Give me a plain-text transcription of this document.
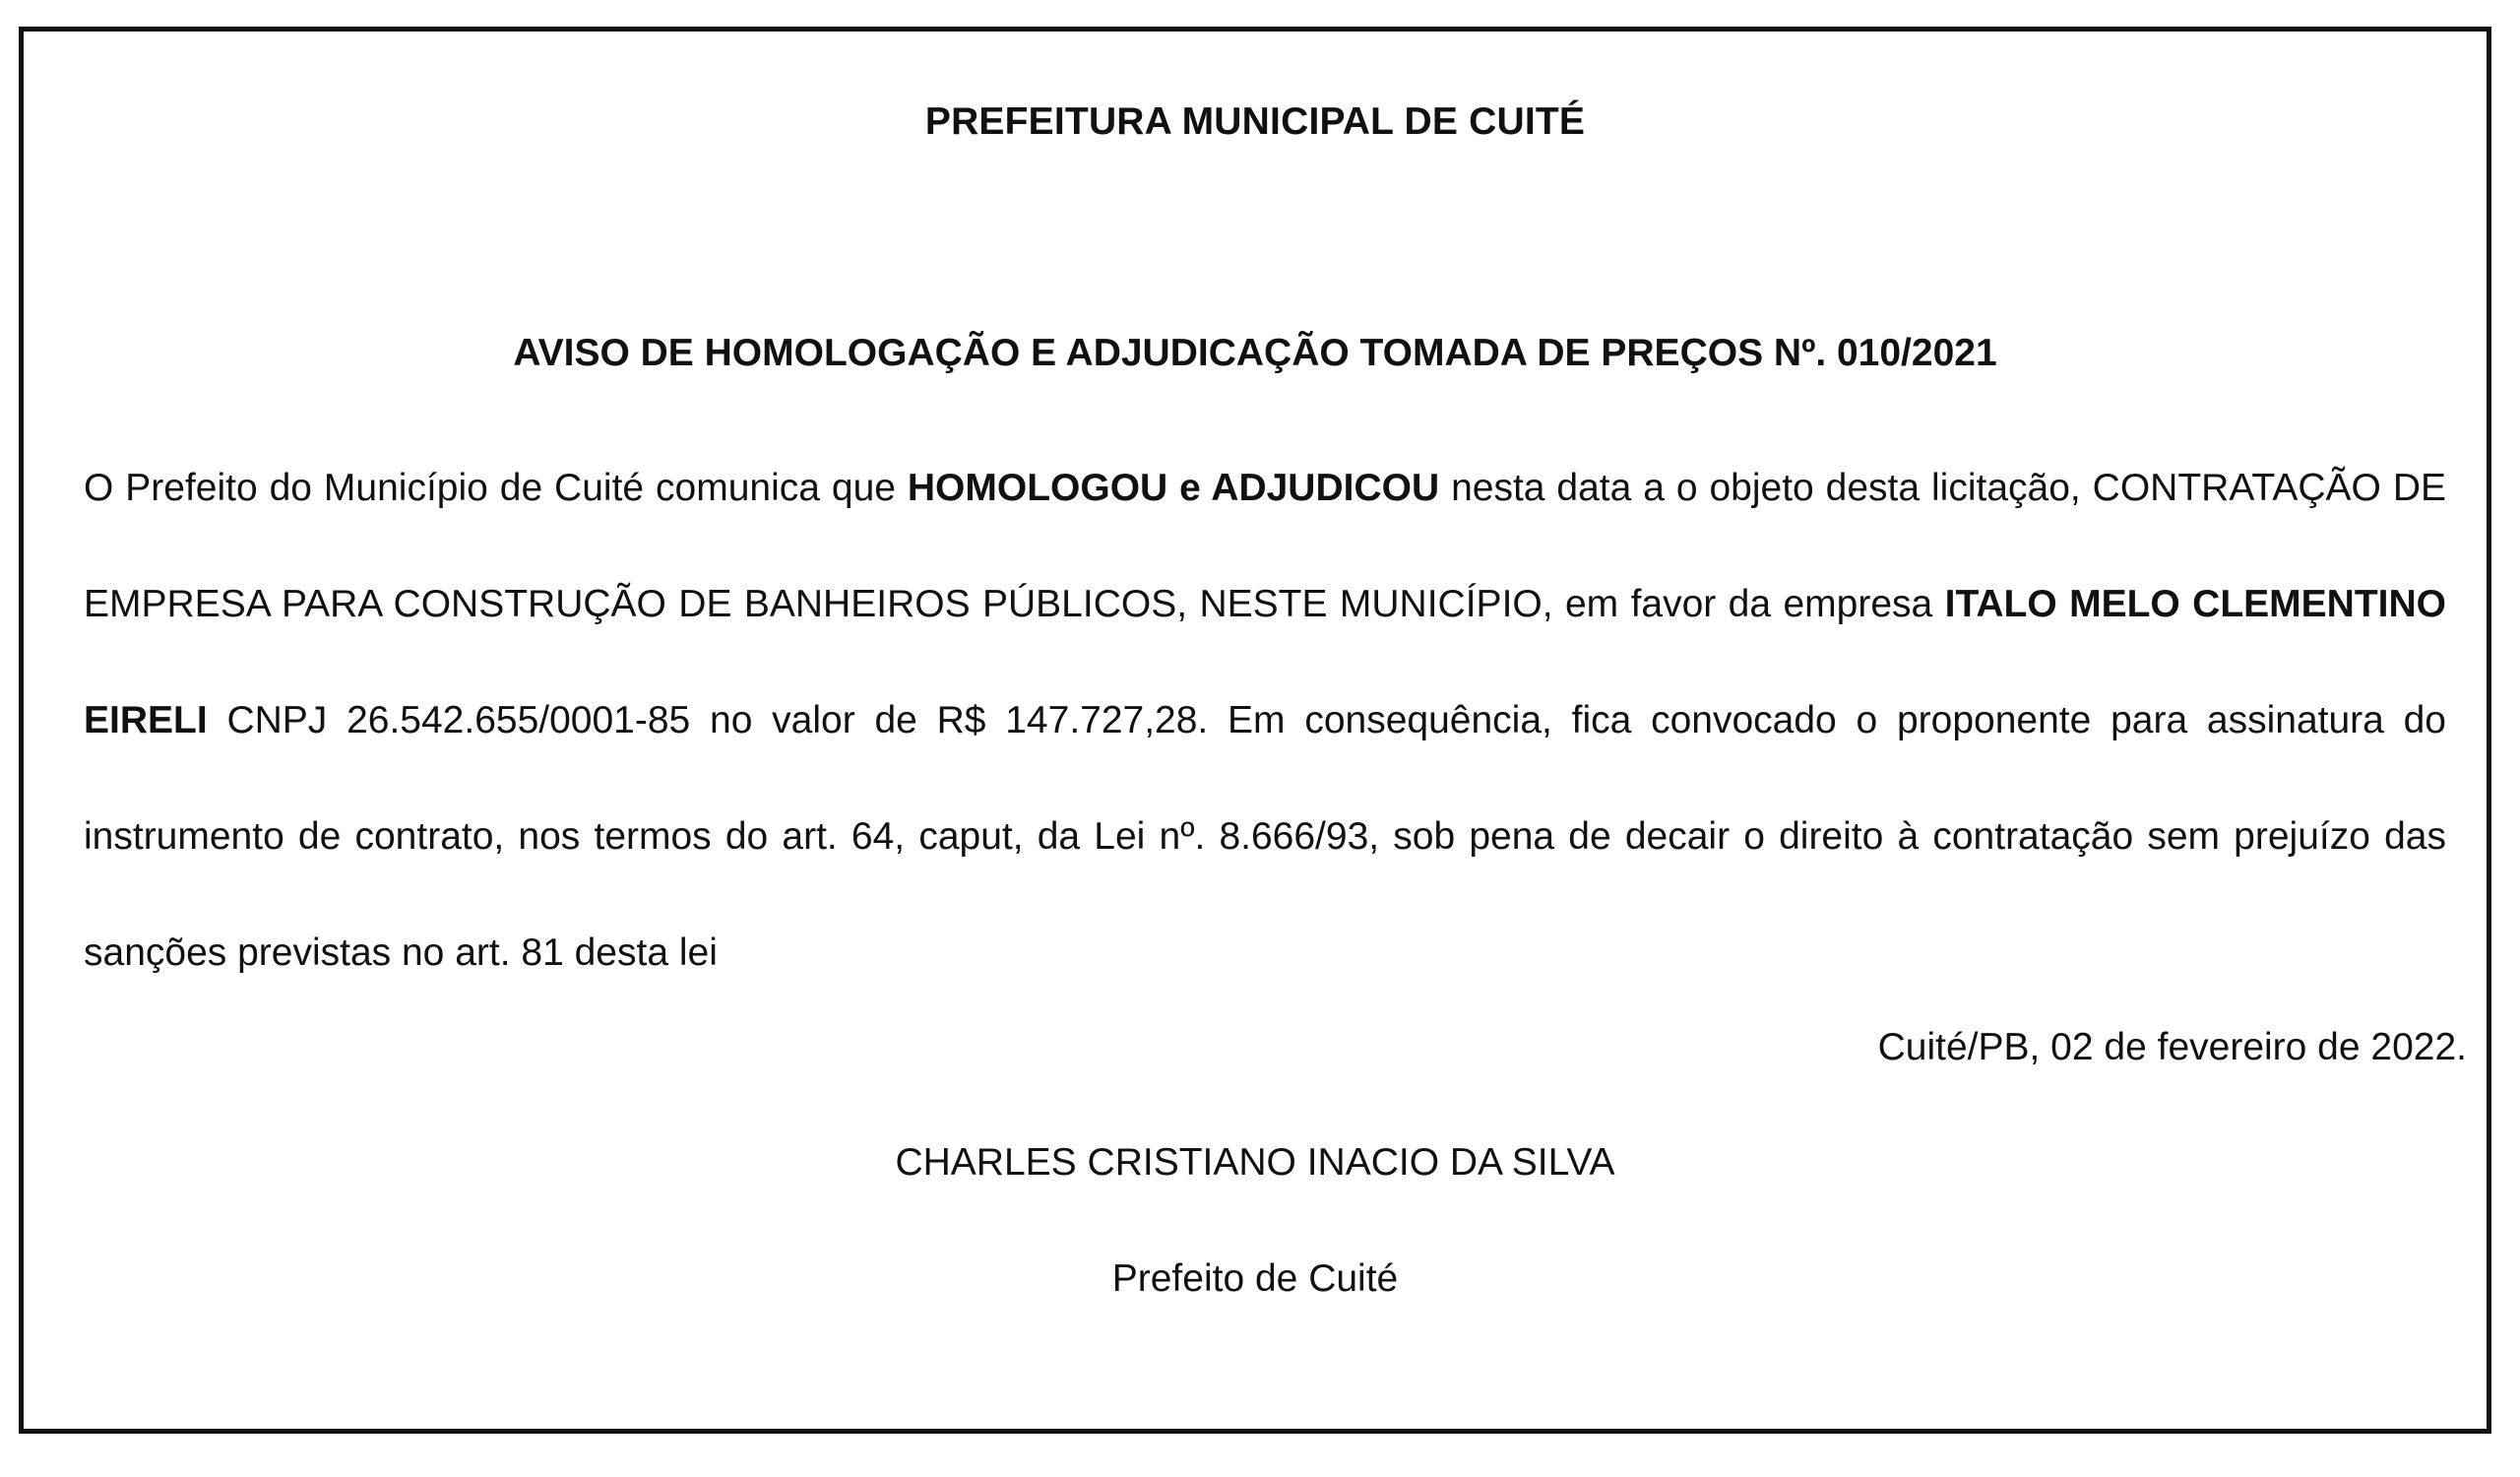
PREFEITURA MUNICIPAL DE CUITÉ
AVISO DE HOMOLOGAÇÃO E ADJUDICAÇÃO TOMADA DE PREÇOS Nº. 010/2021

O Prefeito do Município de Cuité comunica que HOMOLOGOU e ADJUDICOU nesta data a o objeto desta licitação, CONTRATAÇÃO DE EMPRESA PARA CONSTRUÇÃO DE BANHEIROS PÚBLICOS, NESTE MUNICÍPIO, em favor da empresa ITALO MELO CLEMENTINO EIRELI CNPJ 26.542.655/0001-85 no valor de R$ 147.727,28. Em consequência, fica convocado o proponente para assinatura do instrumento de contrato, nos termos do art. 64, caput, da Lei nº. 8.666/93, sob pena de decair o direito à contratação sem prejuízo das sanções previstas no art. 81 desta lei

Cuité/PB, 02 de fevereiro de 2022.
CHARLES CRISTIANO INACIO DA SILVA
Prefeito de Cuité
